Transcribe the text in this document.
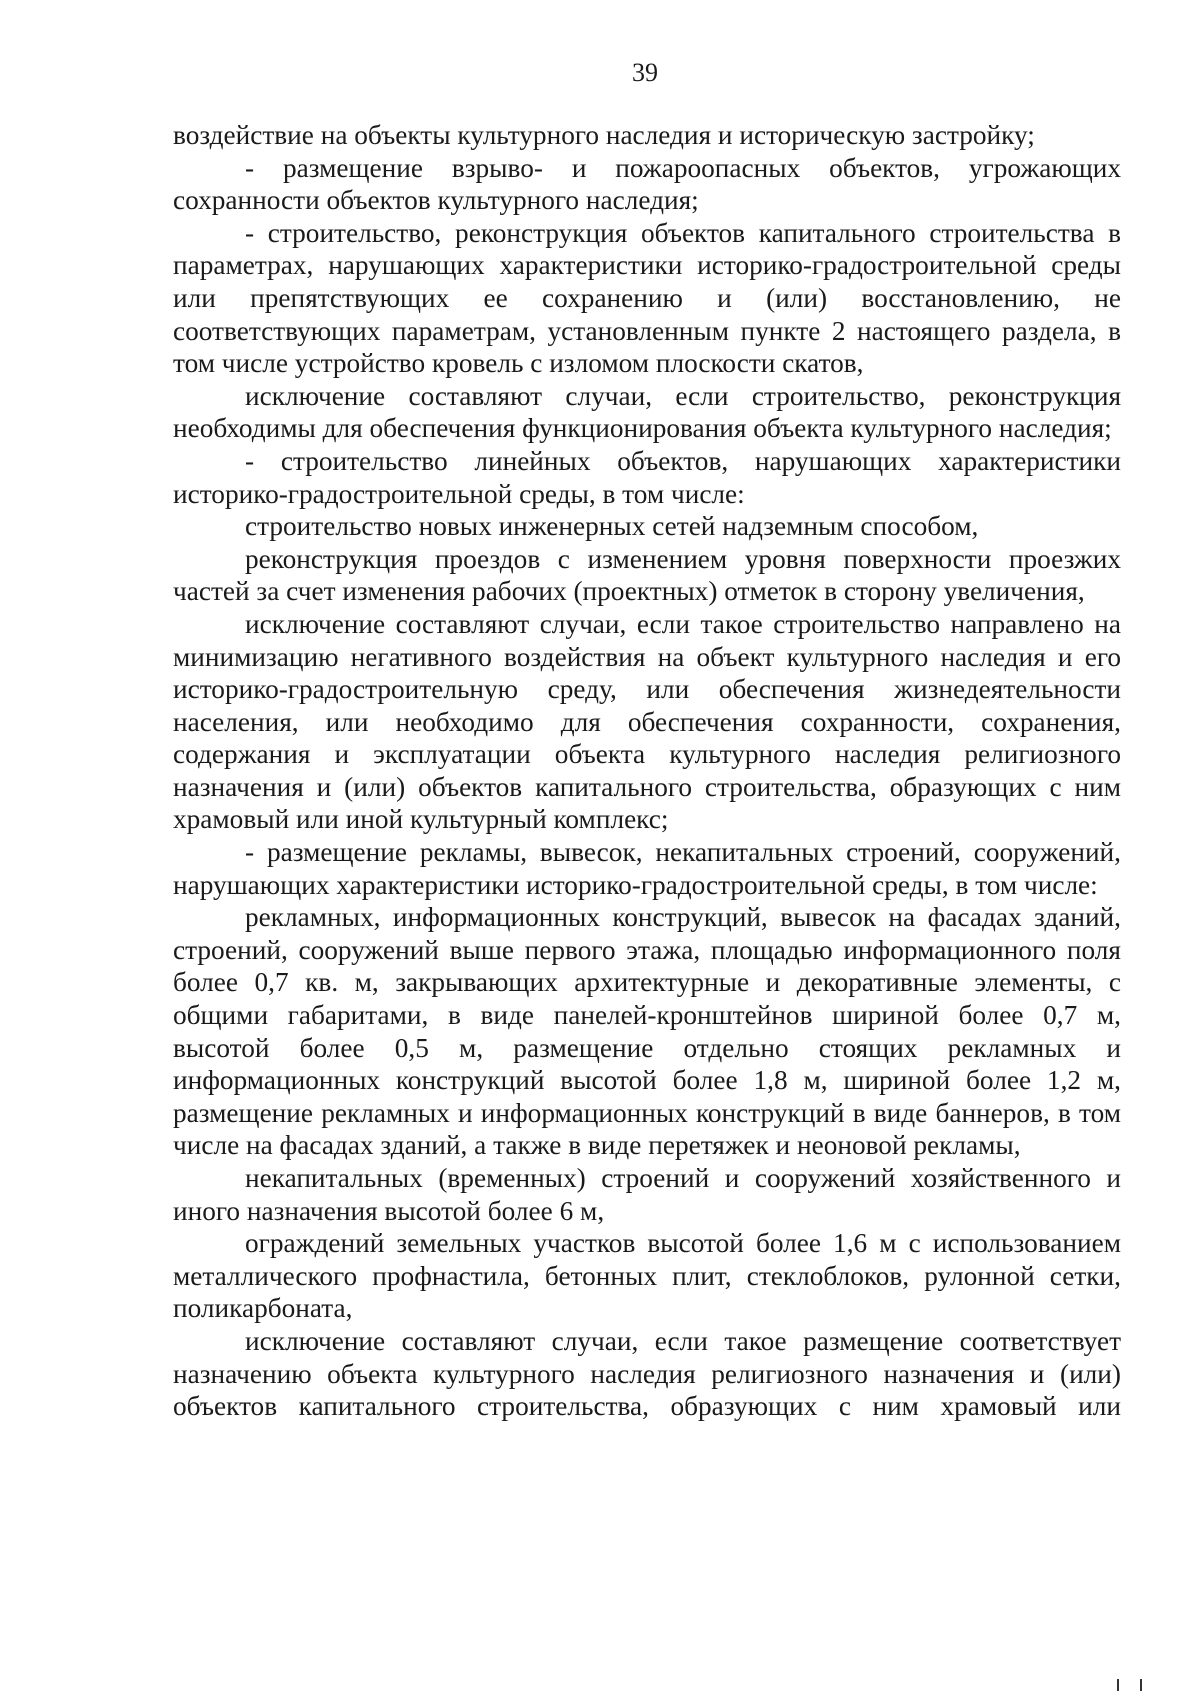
39

воздействие на объекты культурного наследия и историческую застройку;

- размещение взрыво- и пожароопасных объектов, угрожающих сохранности объектов культурного наследия;

- строительство, реконструкция объектов капитального строительства в параметрах, нарушающих характеристики историко-градостроительной среды или препятствующих ее сохранению и (или) восстановлению, не соответствующих параметрам, установленным пункте 2 настоящего раздела, в том числе устройство кровель с изломом плоскости скатов,

исключение составляют случаи, если строительство, реконструкция необходимы для обеспечения функционирования объекта культурного наследия;

- строительство линейных объектов, нарушающих характеристики историко-градостроительной среды, в том числе:

строительство новых инженерных сетей надземным способом,

реконструкция проездов с изменением уровня поверхности проезжих частей за счет изменения рабочих (проектных) отметок в сторону увеличения,

исключение составляют случаи, если такое строительство направлено на минимизацию негативного воздействия на объект культурного наследия и его историко-градостроительную среду, или обеспечения жизнедеятельности населения, или необходимо для обеспечения сохранности, сохранения, содержания и эксплуатации объекта культурного наследия религиозного назначения и (или) объектов капитального строительства, образующих с ним храмовый или иной культурный комплекс;

- размещение рекламы, вывесок, некапитальных строений, сооружений, нарушающих характеристики историко-градостроительной среды, в том числе:

рекламных, информационных конструкций, вывесок на фасадах зданий, строений, сооружений выше первого этажа, площадью информационного поля более 0,7 кв. м, закрывающих архитектурные и декоративные элементы, с общими габаритами, в виде панелей-кронштейнов шириной более 0,7 м, высотой более 0,5 м, размещение отдельно стоящих рекламных и информационных конструкций высотой более 1,8 м, шириной более 1,2 м, размещение рекламных и информационных конструкций в виде баннеров, в том числе на фасадах зданий, а также в виде перетяжек и неоновой рекламы,

некапитальных (временных) строений и сооружений хозяйственного и иного назначения высотой более 6 м,

ограждений земельных участков высотой более 1,6 м с использованием металлического профнастила, бетонных плит, стеклоблоков, рулонной сетки, поликарбоната,

исключение составляют случаи, если такое размещение соответствует назначению объекта культурного наследия религиозного назначения и (или) объектов капитального строительства, образующих с ним храмовый или
